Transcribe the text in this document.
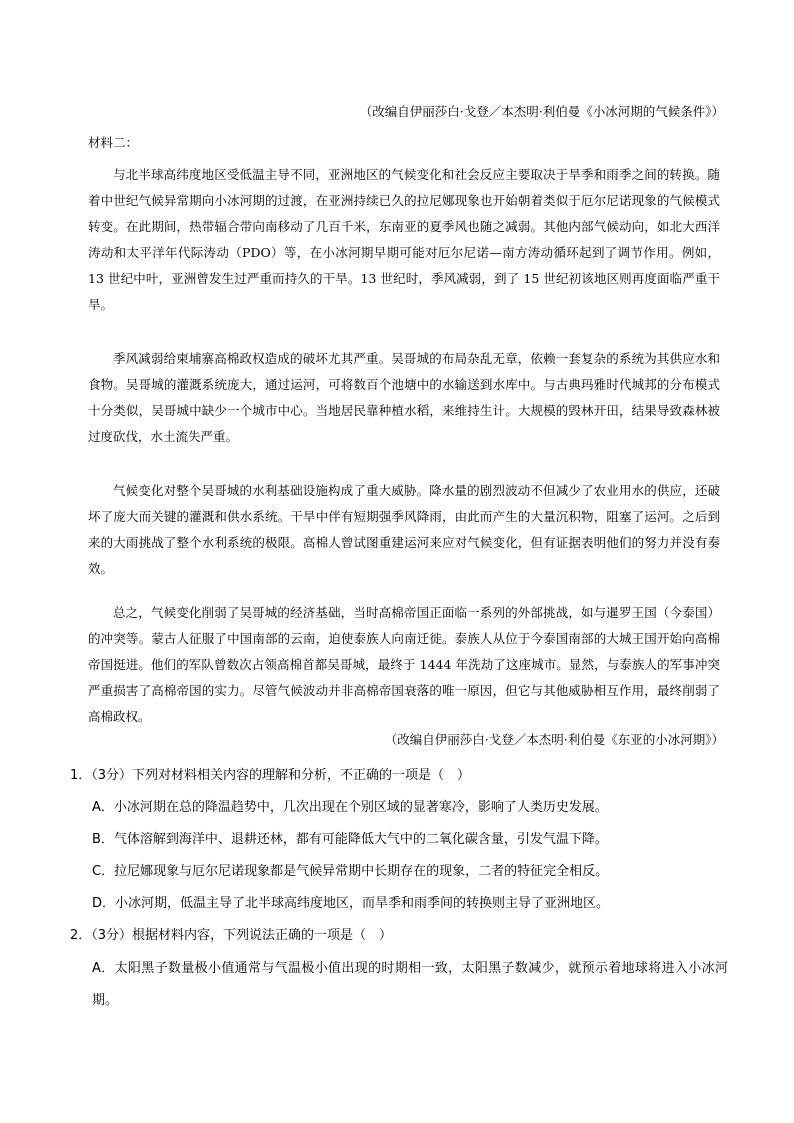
（改编自伊丽莎白·戈登／本杰明·利伯曼《小冰河期的气候条件》）
材料二：

与北半球高纬度地区受低温主导不同，亚洲地区的气候变化和社会反应主要取决于旱季和雨季之间的转换。随着中世纪气候异常期向小冰河期的过渡，在亚洲持续已久的拉尼娜现象也开始朝着类似于厄尔尼诺现象的气候模式转变。在此期间，热带辐合带向南移动了几百千米，东南亚的夏季风也随之减弱。其他内部气候动向，如北大西洋涛动和太平洋年代际涛动（PDO）等，在小冰河期早期可能对厄尔尼诺—南方涛动循环起到了调节作用。例如，13 世纪中叶，亚洲曾发生过严重而持久的干旱。13 世纪时，季风减弱，到了 15 世纪初该地区则再度面临严重干旱。

季风减弱给柬埔寨高棉政权造成的破坏尤其严重。吴哥城的布局杂乱无章，依赖一套复杂的系统为其供应水和食物。吴哥城的灌溉系统庞大，通过运河，可将数百个池塘中的水输送到水库中。与古典玛雅时代城邦的分布模式十分类似，吴哥城中缺少一个城市中心。当地居民靠种植水稻，来维持生计。大规模的毁林开田，结果导致森林被过度砍伐，水土流失严重。

气候变化对整个吴哥城的水利基础设施构成了重大威胁。降水量的剧烈波动不但减少了农业用水的供应，还破坏了庞大而关键的灌溉和供水系统。干旱中伴有短期强季风降雨，由此而产生的大量沉积物，阻塞了运河。之后到来的大雨挑战了整个水利系统的极限。高棉人曾试图重建运河来应对气候变化，但有证据表明他们的努力并没有奏效。

总之，气候变化削弱了吴哥城的经济基础，当时高棉帝国正面临一系列的外部挑战，如与暹罗王国（今泰国）的冲突等。蒙古人征服了中国南部的云南，迫使泰族人向南迁徙。泰族人从位于今泰国南部的大城王国开始向高棉帝国挺进。他们的军队曾数次占领高棉首都吴哥城，最终于 1444 年洗劫了这座城市。显然，与泰族人的军事冲突严重损害了高棉帝国的实力。尽管气候波动并非高棉帝国衰落的唯一原因，但它与其他威胁相互作用，最终削弱了高棉政权。

（改编自伊丽莎白·戈登／本杰明·利伯曼《东亚的小冰河期》）

1．（3分）下列对材料相关内容的理解和分析，不正确的一项是（　）

A．小冰河期在总的降温趋势中，几次出现在个别区域的显著寒冷，影响了人类历史发展。

B．气体溶解到海洋中、退耕还林，都有可能降低大气中的二氧化碳含量，引发气温下降。

C．拉尼娜现象与厄尔尼诺现象都是气候异常期中长期存在的现象，二者的特征完全相反。

D．小冰河期，低温主导了北半球高纬度地区，而旱季和雨季间的转换则主导了亚洲地区。

2．（3分）根据材料内容，下列说法正确的一项是（　）

A．太阳黑子数量极小值通常与气温极小值出现的时期相一致，太阳黑子数减少，就预示着地球将进入小冰河期。
